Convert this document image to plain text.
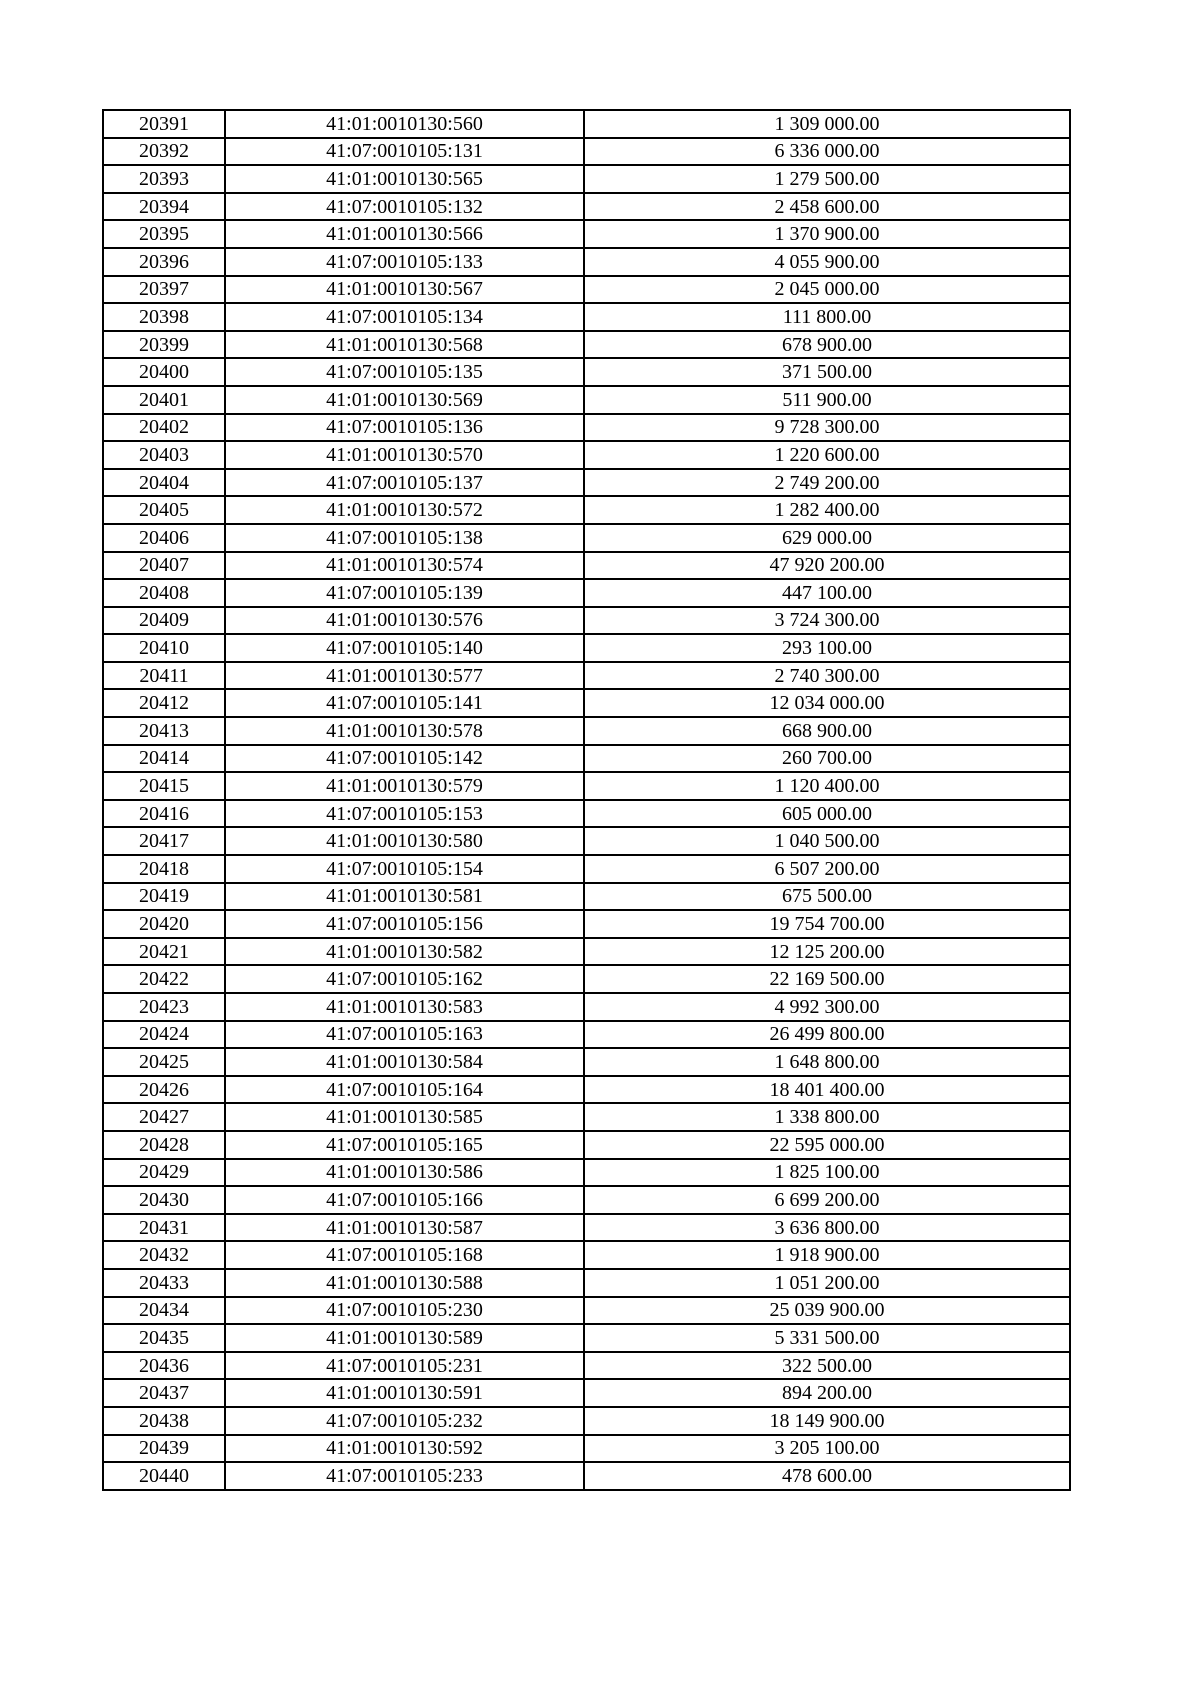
20391	41:01:0010130:560	1 309 000.00
20392	41:07:0010105:131	6 336 000.00
20393	41:01:0010130:565	1 279 500.00
20394	41:07:0010105:132	2 458 600.00
20395	41:01:0010130:566	1 370 900.00
20396	41:07:0010105:133	4 055 900.00
20397	41:01:0010130:567	2 045 000.00
20398	41:07:0010105:134	111 800.00
20399	41:01:0010130:568	678 900.00
20400	41:07:0010105:135	371 500.00
20401	41:01:0010130:569	511 900.00
20402	41:07:0010105:136	9 728 300.00
20403	41:01:0010130:570	1 220 600.00
20404	41:07:0010105:137	2 749 200.00
20405	41:01:0010130:572	1 282 400.00
20406	41:07:0010105:138	629 000.00
20407	41:01:0010130:574	47 920 200.00
20408	41:07:0010105:139	447 100.00
20409	41:01:0010130:576	3 724 300.00
20410	41:07:0010105:140	293 100.00
20411	41:01:0010130:577	2 740 300.00
20412	41:07:0010105:141	12 034 000.00
20413	41:01:0010130:578	668 900.00
20414	41:07:0010105:142	260 700.00
20415	41:01:0010130:579	1 120 400.00
20416	41:07:0010105:153	605 000.00
20417	41:01:0010130:580	1 040 500.00
20418	41:07:0010105:154	6 507 200.00
20419	41:01:0010130:581	675 500.00
20420	41:07:0010105:156	19 754 700.00
20421	41:01:0010130:582	12 125 200.00
20422	41:07:0010105:162	22 169 500.00
20423	41:01:0010130:583	4 992 300.00
20424	41:07:0010105:163	26 499 800.00
20425	41:01:0010130:584	1 648 800.00
20426	41:07:0010105:164	18 401 400.00
20427	41:01:0010130:585	1 338 800.00
20428	41:07:0010105:165	22 595 000.00
20429	41:01:0010130:586	1 825 100.00
20430	41:07:0010105:166	6 699 200.00
20431	41:01:0010130:587	3 636 800.00
20432	41:07:0010105:168	1 918 900.00
20433	41:01:0010130:588	1 051 200.00
20434	41:07:0010105:230	25 039 900.00
20435	41:01:0010130:589	5 331 500.00
20436	41:07:0010105:231	322 500.00
20437	41:01:0010130:591	894 200.00
20438	41:07:0010105:232	18 149 900.00
20439	41:01:0010130:592	3 205 100.00
20440	41:07:0010105:233	478 600.00
